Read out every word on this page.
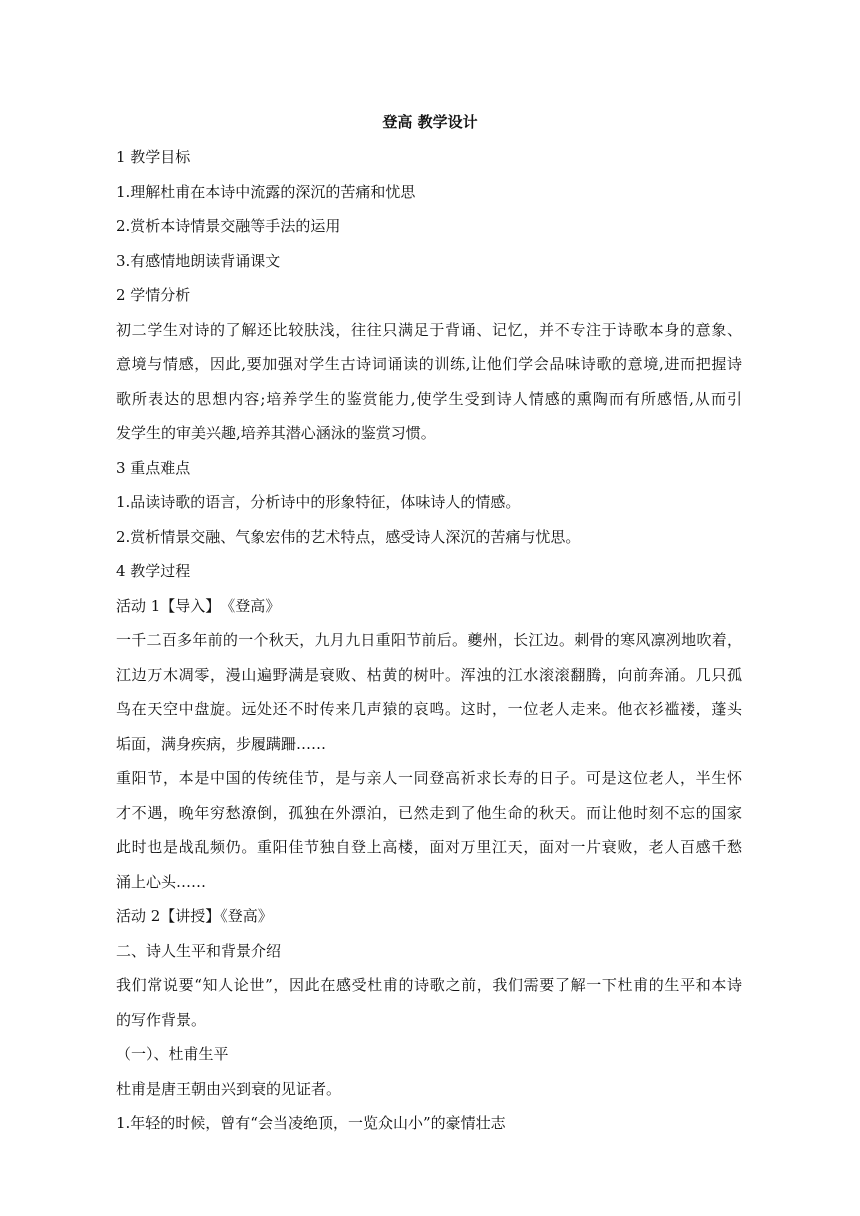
登高 教学设计
1 教学目标
1.理解杜甫在本诗中流露的深沉的苦痛和忧思
2.赏析本诗情景交融等手法的运用
3.有感情地朗读背诵课文
2 学情分析
初二学生对诗的了解还比较肤浅，往往只满足于背诵、记忆，并不专注于诗歌本身的意象、
意境与情感，因此,要加强对学生古诗词诵读的训练,让他们学会品味诗歌的意境,进而把握诗
歌所表达的思想内容;培养学生的鉴赏能力,使学生受到诗人情感的熏陶而有所感悟,从而引
发学生的审美兴趣,培养其潜心涵泳的鉴赏习惯。
3 重点难点
1.品读诗歌的语言，分析诗中的形象特征，体味诗人的情感。
2.赏析情景交融、气象宏伟的艺术特点，感受诗人深沉的苦痛与忧思。
4 教学过程
活动 1【导入】　《登高》
一千二百多年前的一个秋天，九月九日重阳节前后。夔州，长江边。刺骨的寒风凛冽地吹着，
江边万木凋零，漫山遍野满是衰败、枯黄的树叶。浑浊的江水滚滚翻腾，向前奔涌。几只孤
鸟在天空中盘旋。远处还不时传来几声猿的哀鸣。这时，一位老人走来。他衣衫褴褛，蓬头
垢面，满身疾病，步履蹒跚……
重阳节，本是中国的传统佳节，是与亲人一同登高祈求长寿的日子。可是这位老人，半生怀
才不遇，晚年穷愁潦倒，孤独在外漂泊，已然走到了他生命的秋天。而让他时刻不忘的国家
此时也是战乱频仍。重阳佳节独自登上高楼，面对万里江天，面对一片衰败，老人百感千愁
涌上心头……
活动 2【讲授】《登高》
二、诗人生平和背景介绍
我们常说要“知人论世”，因此在感受杜甫的诗歌之前，我们需要了解一下杜甫的生平和本诗
的写作背景。
（一）、杜甫生平
杜甫是唐王朝由兴到衰的见证者。
1.年轻的时候，曾有“会当凌绝顶，一览众山小”的豪情壮志
